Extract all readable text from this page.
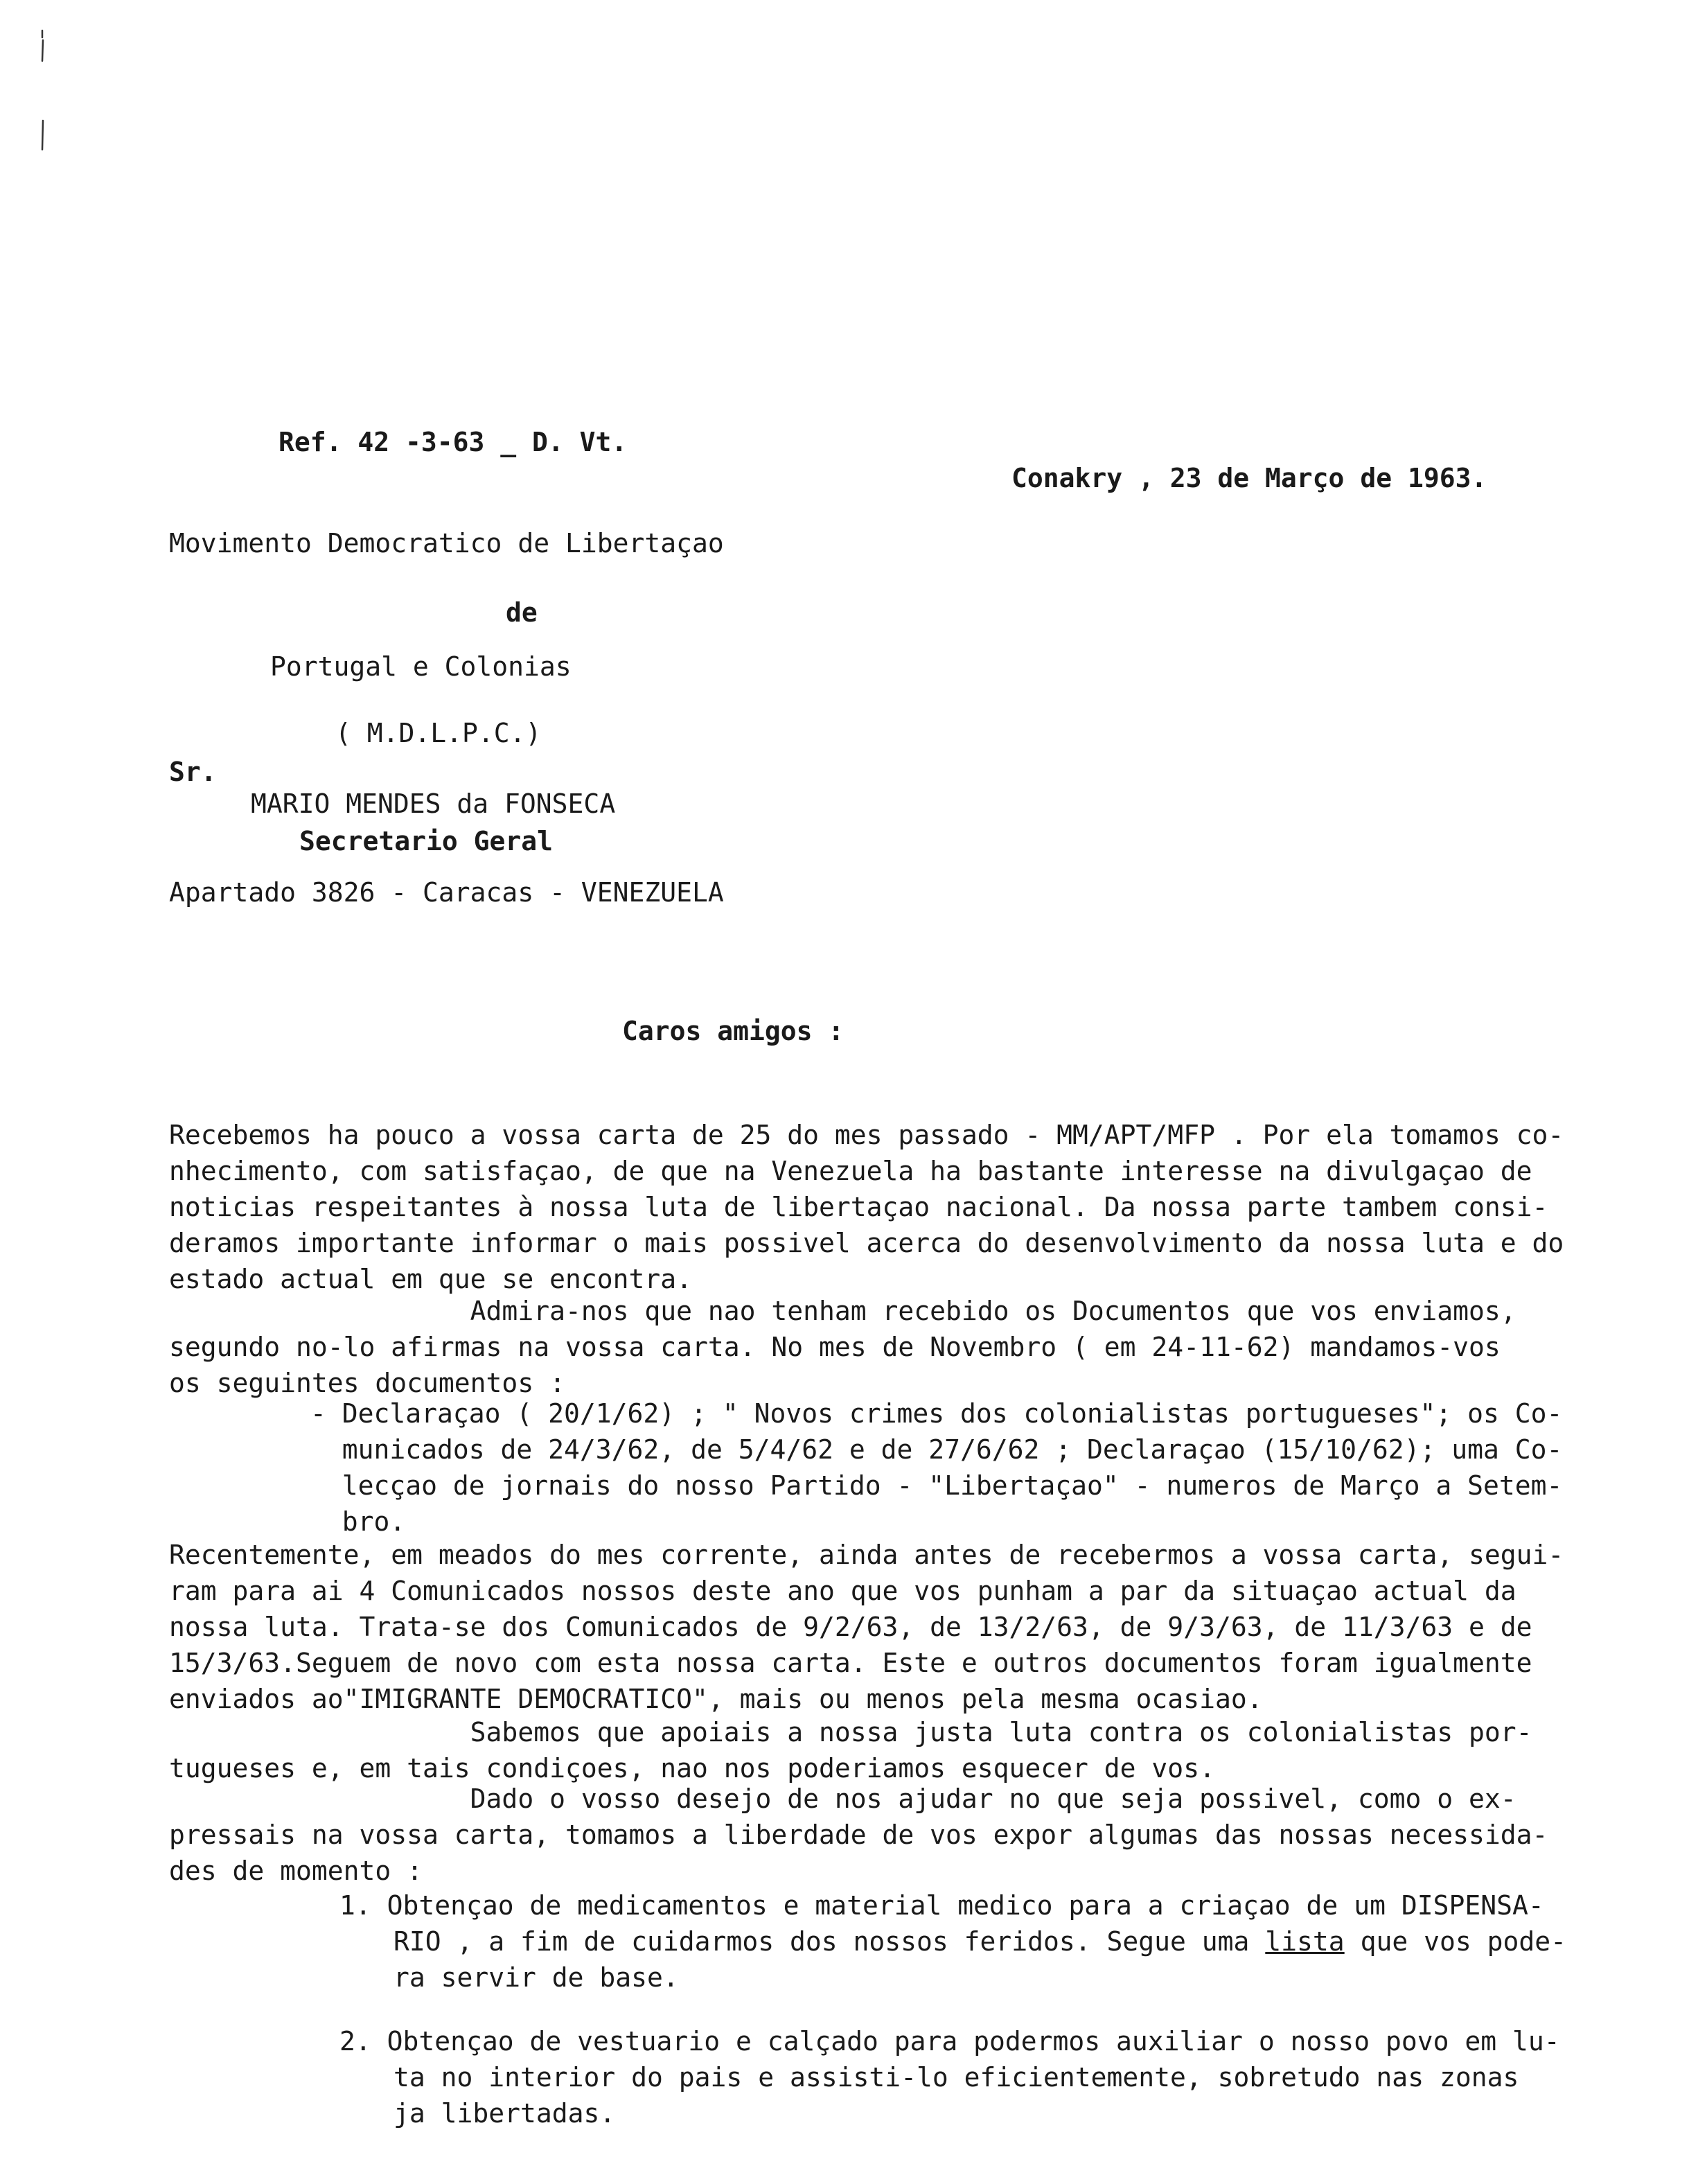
Ref. 42 -3-63 _ D. Vt.
Conakry , 23 de Março de 1963.
Movimento Democratico de Libertaçao
de
Portugal e Colonias
( M.D.L.P.C.)
Sr.
MARIO MENDES da FONSECA
Secretario Geral
Apartado 3826 - Caracas - VENEZUELA
Caros amigos :
Recebemos ha pouco a vossa carta de 25 do mes passado - MM/APT/MFP . Por ela tomamos co-
nhecimento, com satisfaçao, de que na Venezuela ha bastante interesse na divulgaçao de
noticias respeitantes à nossa luta de libertaçao nacional. Da nossa parte tambem consi-
deramos importante informar o mais possivel acerca do desenvolvimento da nossa luta e do
estado actual em que se encontra.
Admira-nos que nao tenham recebido os Documentos que vos enviamos,
segundo no-lo afirmas na vossa carta. No mes de Novembro ( em 24-11-62) mandamos-vos
os seguintes documentos :
- Declaraçao ( 20/1/62) ; " Novos crimes dos colonialistas portugueses"; os Co-
municados de 24/3/62, de 5/4/62 e de 27/6/62 ; Declaraçao (15/10/62); uma Co-
lecçao de jornais do nosso Partido - "Libertaçao" - numeros de Março a Setem-
bro.
Recentemente, em meados do mes corrente, ainda antes de recebermos a vossa carta, segui-
ram para ai 4 Comunicados nossos deste ano que vos punham a par da situaçao actual da
nossa luta. Trata-se dos Comunicados de 9/2/63, de 13/2/63, de 9/3/63, de 11/3/63 e de
15/3/63.Seguem de novo com esta nossa carta. Este e outros documentos foram igualmente
enviados ao"IMIGRANTE DEMOCRATICO", mais ou menos pela mesma ocasiao.
Sabemos que apoiais a nossa justa luta contra os colonialistas por-
tugueses e, em tais condiçoes, nao nos poderiamos esquecer de vos.
Dado o vosso desejo de nos ajudar no que seja possivel, como o ex-
pressais na vossa carta, tomamos a liberdade de vos expor algumas das nossas necessida-
des de momento :
1. Obtençao de medicamentos e material medico para a criaçao de um DISPENSA-
RIO , a fim de cuidarmos dos nossos feridos. Segue uma lista que vos pode-
ra servir de base.
2. Obtençao de vestuario e calçado para podermos auxiliar o nosso povo em lu-
ta no interior do pais e assisti-lo eficientemente, sobretudo nas zonas
ja libertadas.
